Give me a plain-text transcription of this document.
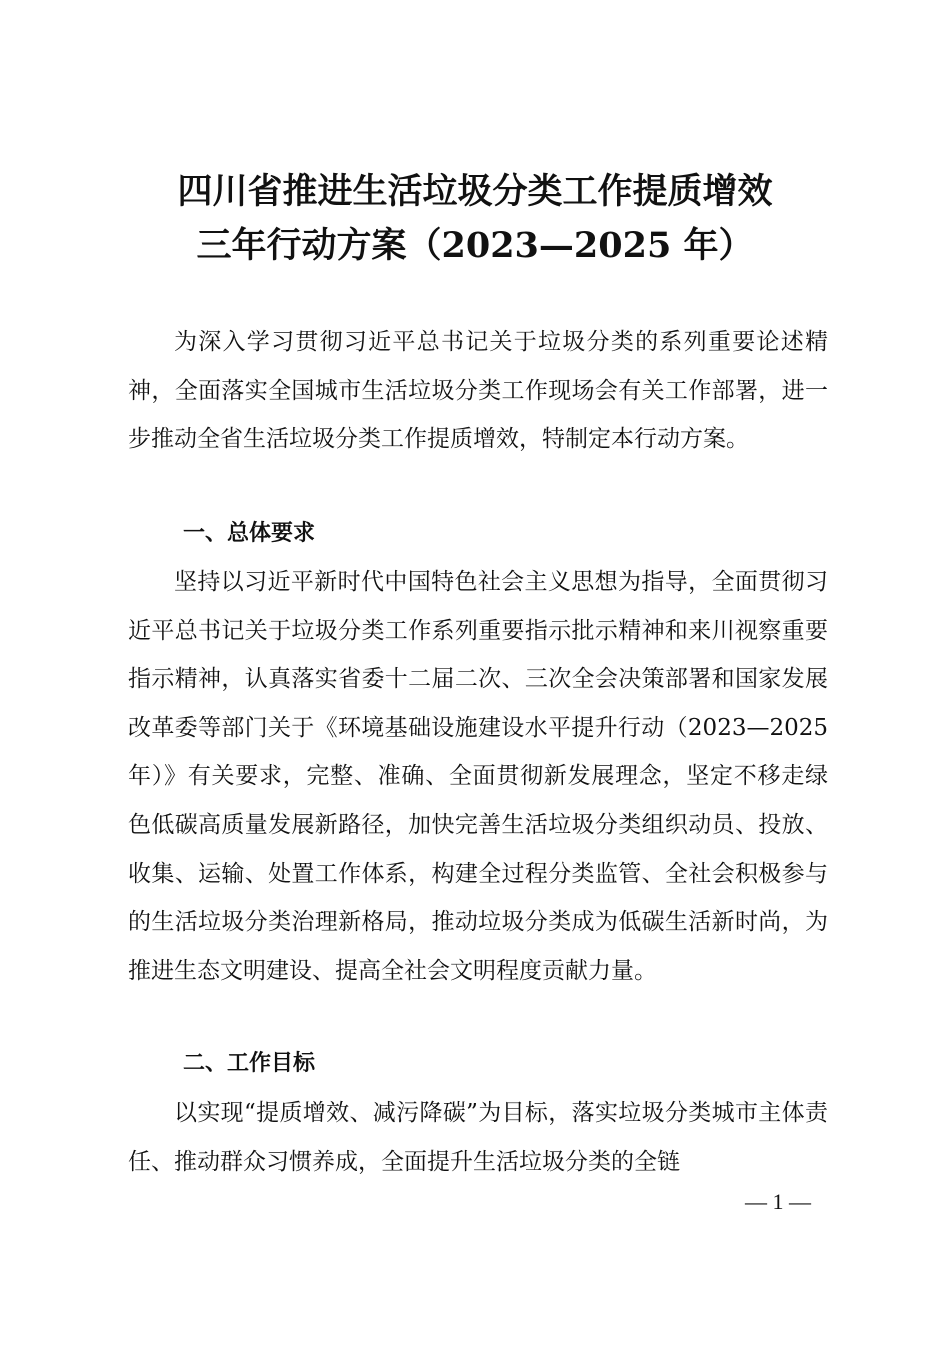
四川省推进生活垃圾分类工作提质增效
三年行动方案（2023—2025 年）

为深入学习贯彻习近平总书记关于垃圾分类的系列重要论述精神，全面落实全国城市生活垃圾分类工作现场会有关工作部署，进一步推动全省生活垃圾分类工作提质增效，特制定本行动方案。

一、总体要求

坚持以习近平新时代中国特色社会主义思想为指导，全面贯彻习近平总书记关于垃圾分类工作系列重要指示批示精神和来川视察重要指示精神，认真落实省委十二届二次、三次全会决策部署和国家发展改革委等部门关于《环境基础设施建设水平提升行动（2023—2025 年）》有关要求，完整、准确、全面贯彻新发展理念，坚定不移走绿色低碳高质量发展新路径，加快完善生活垃圾分类组织动员、投放、收集、运输、处置工作体系，构建全过程分类监管、全社会积极参与的生活垃圾分类治理新格局，推动垃圾分类成为低碳生活新时尚，为推进生态文明建设、提高全社会文明程度贡献力量。

二、工作目标

以实现“提质增效、减污降碳”为目标，落实垃圾分类城市主体责任、推动群众习惯养成，全面提升生活垃圾分类的全链

— 1 —
